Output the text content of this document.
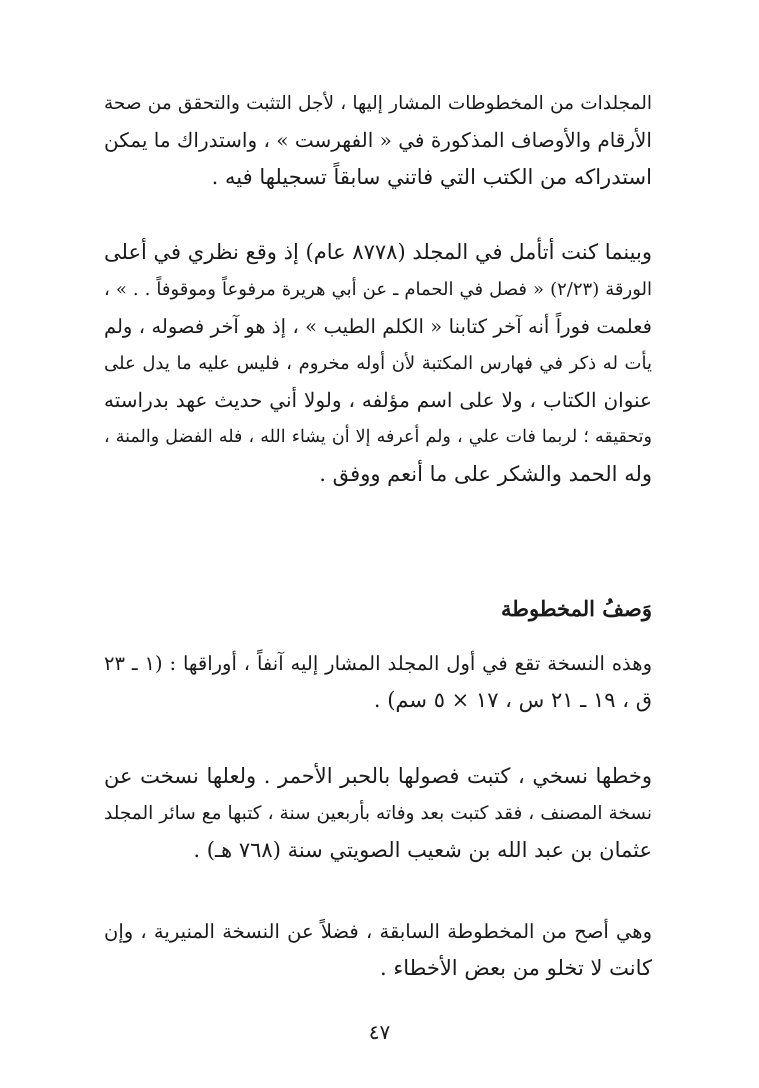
المجلدات من المخطوطات المشار إليها ، لأجل التثبت والتحقق من صحة
الأرقام والأوصاف المذكورة في « الفهرست » ، واستدراك ما يمكن
استدراكه من الكتب التي فاتني سابقاً تسجيلها فيه .
وبينما كنت أتأمل في المجلد (٨٧٧٨ عام) إذ وقع نظري في أعلى
الورقة (٢/٢٣) « فصل في الحمام ـ عن أبي هريرة مرفوعاً وموقوفاً . . » ،
فعلمت فوراً أنه آخر كتابنا « الكلم الطيب » ، إذ هو آخر فصوله ، ولم
يأت له ذكر في فهارس المكتبة لأن أوله مخروم ، فليس عليه ما يدل على
عنوان الكتاب ، ولا على اسم مؤلفه ، ولولا أني حديث عهد بدراسته
وتحقيقه ؛ لربما فات علي ، ولم أعرفه إلا أن يشاء الله ، فله الفضل والمنة ،
وله الحمد والشكر على ما أنعم ووفق .
وَصفُ المخطوطة
وهذه النسخة تقع في أول المجلد المشار إليه آنفاً ، أوراقها : (١ ـ ٢٣
ق ، ١٩ ـ ٢١ س ، ١٧ × ٥ سم) .
وخطها نسخي ، كتبت فصولها بالحبر الأحمر . ولعلها نسخت عن
نسخة المصنف ، فقد كتبت بعد وفاته بأربعين سنة ، كتبها مع سائر المجلد
عثمان بن عبد الله بن شعيب الصويتي سنة (٧٦٨ هـ) .
وهي أصح من المخطوطة السابقة ، فضلاً عن النسخة المنيرية ، وإن
كانت لا تخلو من بعض الأخطاء .
٤٧
